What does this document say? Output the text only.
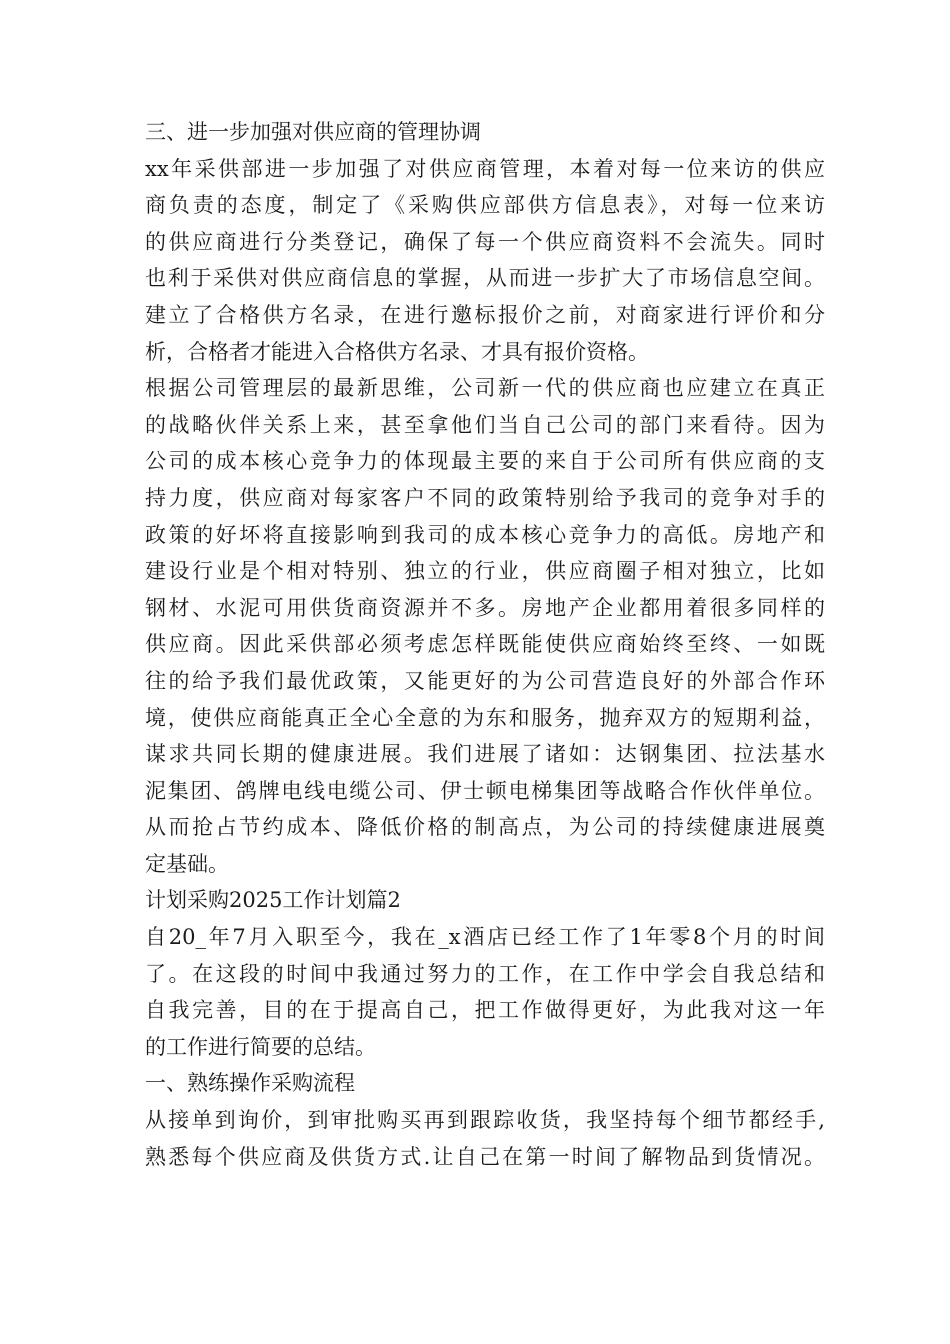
三、进一步加强对供应商的管理协调
xx年采供部进一步加强了对供应商管理，本着对每一位来访的供应
商负责的态度，制定了《采购供应部供方信息表》，对每一位来访
的供应商进行分类登记，确保了每一个供应商资料不会流失。同时
也利于采供对供应商信息的掌握，从而进一步扩大了市场信息空间。
建立了合格供方名录，在进行邀标报价之前，对商家进行评价和分
析，合格者才能进入合格供方名录、才具有报价资格。
根据公司管理层的最新思维，公司新一代的供应商也应建立在真正
的战略伙伴关系上来，甚至拿他们当自己公司的部门来看待。因为
公司的成本核心竞争力的体现最主要的来自于公司所有供应商的支
持力度，供应商对每家客户不同的政策特别给予我司的竞争对手的
政策的好坏将直接影响到我司的成本核心竞争力的高低。房地产和
建设行业是个相对特别、独立的行业，供应商圈子相对独立，比如
钢材、水泥可用供货商资源并不多。房地产企业都用着很多同样的
供应商。因此采供部必须考虑怎样既能使供应商始终至终、一如既
往的给予我们最优政策，又能更好的为公司营造良好的外部合作环
境，使供应商能真正全心全意的为东和服务，抛弃双方的短期利益，
谋求共同长期的健康进展。我们进展了诸如：达钢集团、拉法基水
泥集团、鸽牌电线电缆公司、伊士顿电梯集团等战略合作伙伴单位。
从而抢占节约成本、降低价格的制高点，为公司的持续健康进展奠
定基础。
计划采购2025工作计划篇2
自20_年7月入职至今，我在_x酒店已经工作了1年零8个月的时间
了。在这段的时间中我通过努力的工作，在工作中学会自我总结和
自我完善，目的在于提高自己，把工作做得更好，为此我对这一年
的工作进行简要的总结。
一、熟练操作采购流程
从接单到询价，到审批购买再到跟踪收货，我坚持每个细节都经手,
熟悉每个供应商及供货方式.让自己在第一时间了解物品到货情况。
